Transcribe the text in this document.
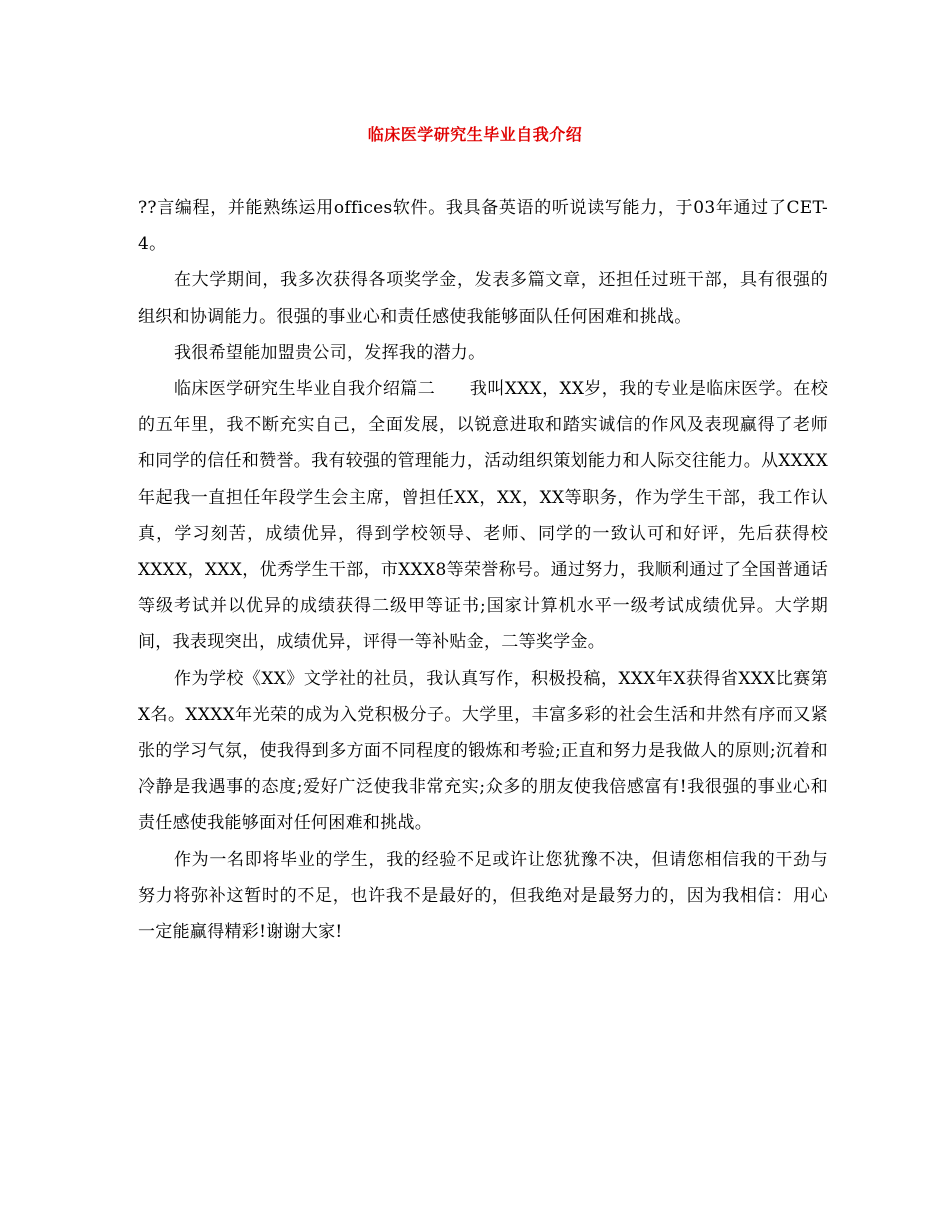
临床医学研究生毕业自我介绍

??言编程，并能熟练运用offices软件。我具备英语的听说读写能力，于03年通过了CET-4。

在大学期间，我多次获得各项奖学金，发表多篇文章，还担任过班干部，具有很强的组织和协调能力。很强的事业心和责任感使我能够面队任何困难和挑战。

我很希望能加盟贵公司，发挥我的潜力。

临床医学研究生毕业自我介绍篇二　　我叫XXX，XX岁，我的专业是临床医学。在校的五年里，我不断充实自己，全面发展，以锐意进取和踏实诚信的作风及表现赢得了老师和同学的信任和赞誉。我有较强的管理能力，活动组织策划能力和人际交往能力。从XXXX年起我一直担任年段学生会主席，曾担任XX，XX，XX等职务，作为学生干部，我工作认真，学习刻苦，成绩优异，得到学校领导、老师、同学的一致认可和好评，先后获得校XXXX，XXX，优秀学生干部，市XXX8等荣誉称号。通过努力，我顺利通过了全国普通话等级考试并以优异的成绩获得二级甲等证书;国家计算机水平一级考试成绩优异。大学期间，我表现突出，成绩优异，评得一等补贴金，二等奖学金。

作为学校《XX》文学社的社员，我认真写作，积极投稿，XXX年X获得省XXX比赛第X名。XXXX年光荣的成为入党积极分子。大学里，丰富多彩的社会生活和井然有序而又紧张的学习气氛，使我得到多方面不同程度的锻炼和考验;正直和努力是我做人的原则;沉着和冷静是我遇事的态度;爱好广泛使我非常充实;众多的朋友使我倍感富有!我很强的事业心和责任感使我能够面对任何困难和挑战。

作为一名即将毕业的学生，我的经验不足或许让您犹豫不决，但请您相信我的干劲与努力将弥补这暂时的不足，也许我不是最好的，但我绝对是最努力的，因为我相信：用心一定能赢得精彩!谢谢大家!
